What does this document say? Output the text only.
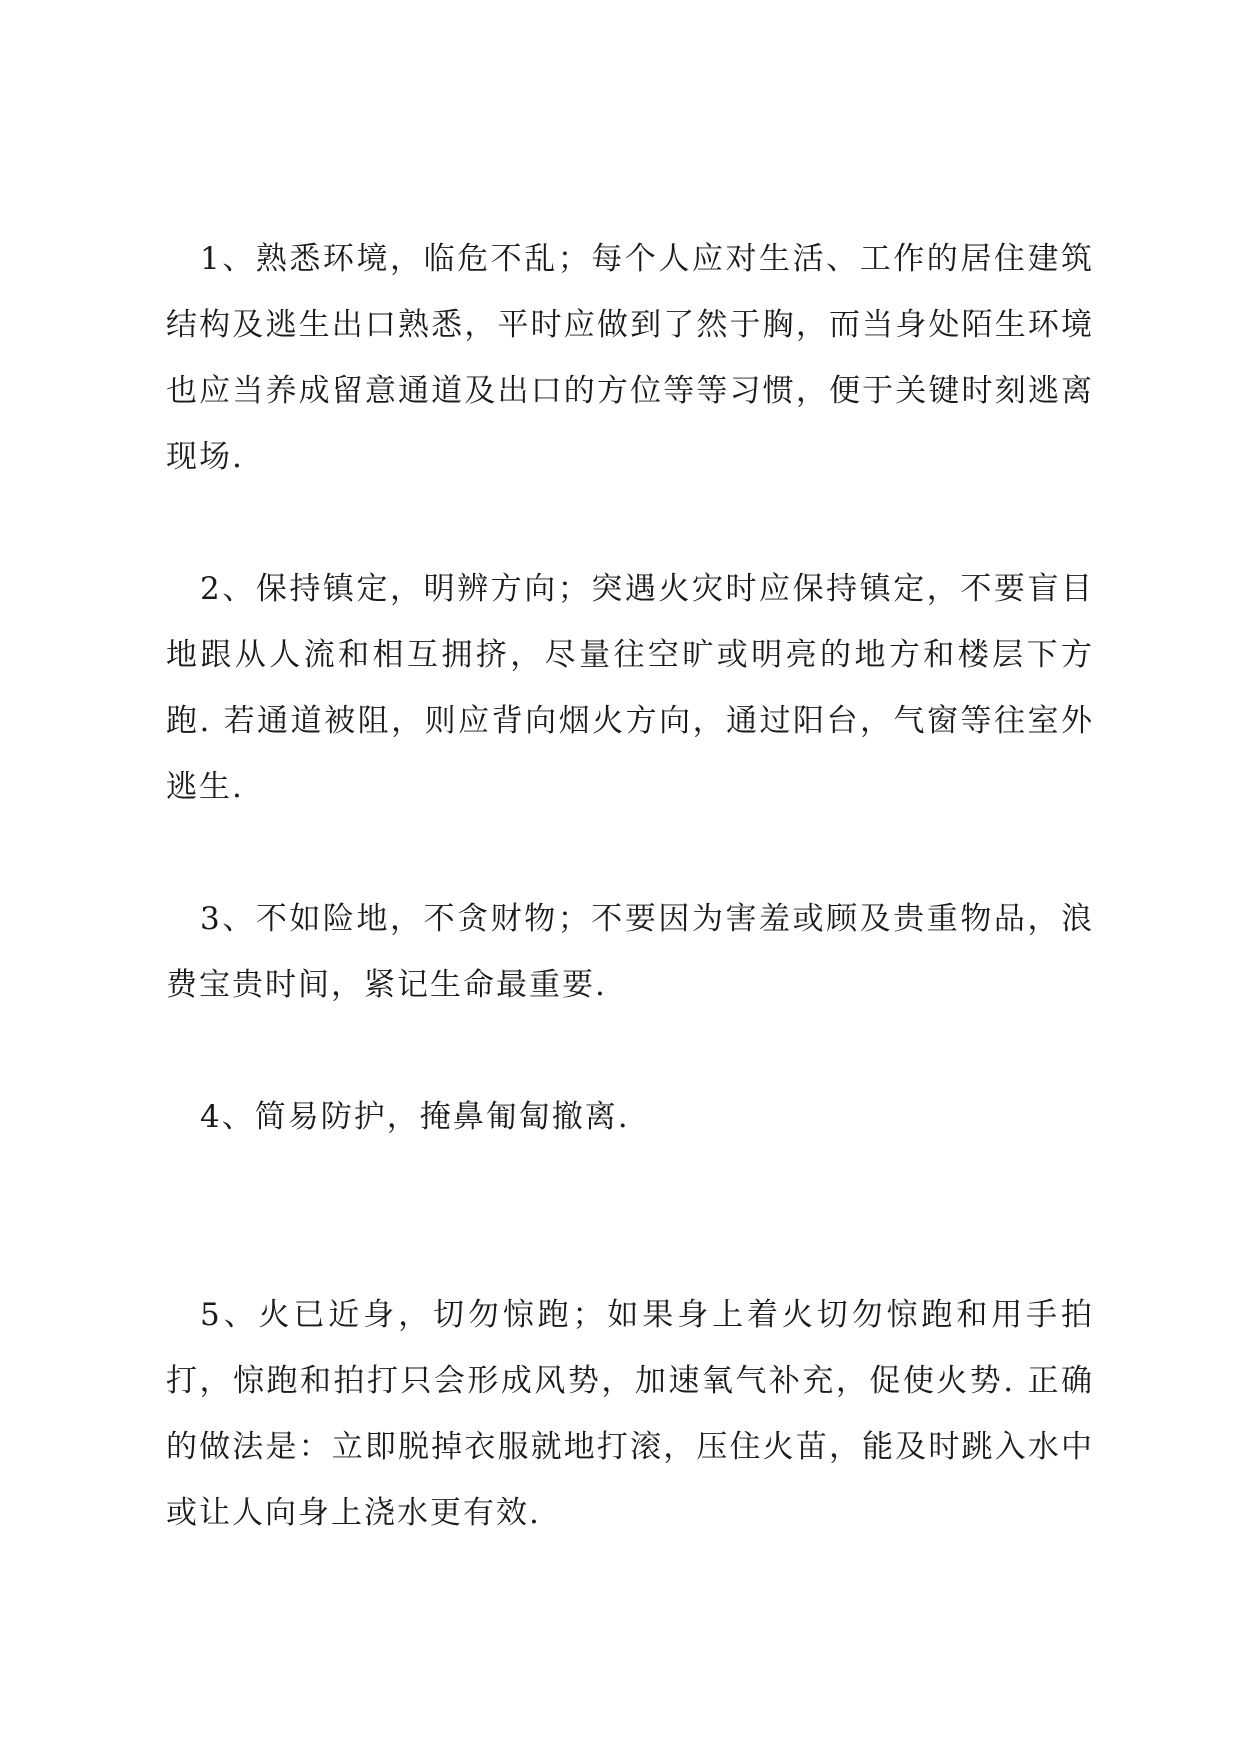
1、熟悉环境，临危不乱；每个人应对生活、工作的居住建筑结构及逃生出口熟悉，平时应做到了然于胸，而当身处陌生环境也应当养成留意通道及出口的方位等等习惯，便于关键时刻逃离现场.

2、保持镇定，明辨方向；突遇火灾时应保持镇定，不要盲目地跟从人流和相互拥挤，尽量往空旷或明亮的地方和楼层下方跑. 若通道被阻，则应背向烟火方向，通过阳台，气窗等往室外逃生.

3、不如险地，不贪财物；不要因为害羞或顾及贵重物品，浪费宝贵时间，紧记生命最重要.

4、简易防护，掩鼻匍匐撤离.

5、火已近身，切勿惊跑；如果身上着火切勿惊跑和用手拍打，惊跑和拍打只会形成风势，加速氧气补充，促使火势. 正确的做法是：立即脱掉衣服就地打滚，压住火苗，能及时跳入水中或让人向身上浇水更有效.
